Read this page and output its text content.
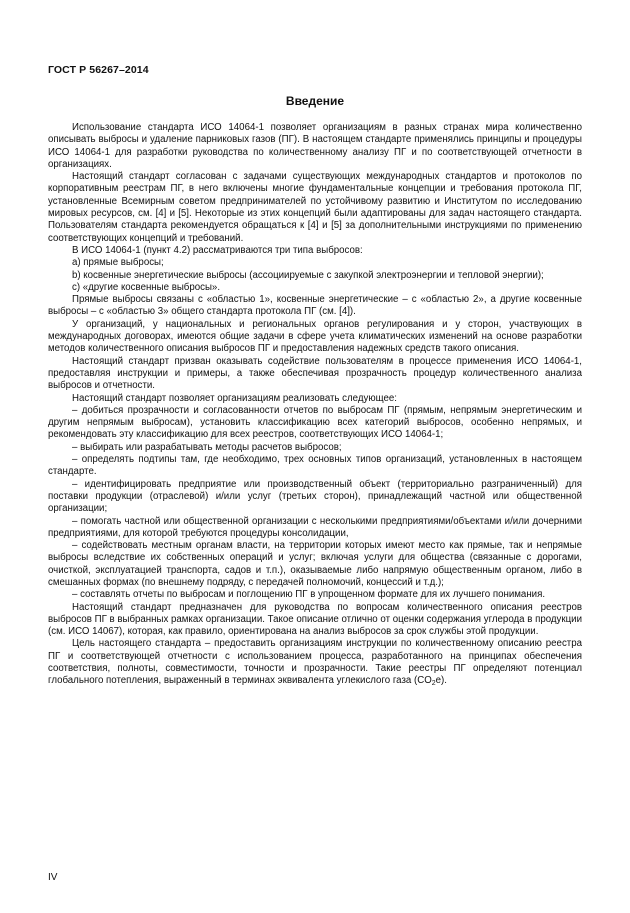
ГОСТ Р 56267–2014
Введение

Использование стандарта ИСО 14064-1 позволяет организациям в разных странах мира количественно описывать выбросы и удаление парниковых газов (ПГ). В настоящем стандарте применялись принципы и процедуры ИСО 14064-1 для разработки руководства по количественному анализу ПГ и по соответствующей отчетности в организациях.

Настоящий стандарт согласован с задачами существующих международных стандартов и протоколов по корпоративным реестрам ПГ, в него включены многие фундаментальные концепции и требования протокола ПГ, установленные Всемирным советом предпринимателей по устойчивому развитию и Институтом по исследованию мировых ресурсов, см. [4] и [5]. Некоторые из этих концепций были адаптированы для задач настоящего стандарта. Пользователям стандарта рекомендуется обращаться к [4] и [5] за дополнительными инструкциями по применению соответствующих концепций и требований.

В ИСО 14064-1 (пункт 4.2) рассматриваются три типа выбросов:

а) прямые выбросы;

b) косвенные энергетические выбросы (ассоциируемые с закупкой электроэнергии и тепловой энергии);

с) «другие косвенные выбросы».

Прямые выбросы связаны с «областью 1», косвенные энергетические – с «областью 2», а другие косвенные выбросы – с «областью 3» общего стандарта протокола ПГ (см. [4]).

У организаций, у национальных и региональных органов регулирования и у сторон, участвующих в международных договорах, имеются общие задачи в сфере учета климатических изменений на основе разработки методов количественного описания выбросов ПГ и предоставления надежных средств такого описания.

Настоящий стандарт призван оказывать содействие пользователям в процессе применения ИСО 14064-1, предоставляя инструкции и примеры, а также обеспечивая прозрачность процедур количественного анализа выбросов и отчетности.

Настоящий стандарт позволяет организациям реализовать следующее:

– добиться прозрачности и согласованности отчетов по выбросам ПГ (прямым, непрямым энергетическим и другим непрямым выбросам), установить классификацию всех категорий выбросов, особенно непрямых, и рекомендовать эту классификацию для всех реестров, соответствующих ИСО 14064-1;

– выбирать или разрабатывать методы расчетов выбросов;

– определять подтипы там, где необходимо, трех основных типов организаций, установленных в настоящем стандарте.

– идентифицировать предприятие или производственный объект (территориально разграниченный) для поставки продукции (отраслевой) и/или услуг (третьих сторон), принадлежащий частной или общественной организации;

– помогать частной или общественной организации с несколькими предприятиями/объектами и/или дочерними предприятиями, для которой требуются процедуры консолидации,

– содействовать местным органам власти, на территории которых имеют место как прямые, так и непрямые выбросы вследствие их собственных операций и услуг; включая услуги для общества (связанные с дорогами, очисткой, эксплуатацией транспорта, садов и т.п.), оказываемые либо напрямую общественным органом, либо в смешанных формах (по внешнему подряду, с передачей полномочий, концессий и т.д.);

– составлять отчеты по выбросам и поглощению ПГ в упрощенном формате для их лучшего понимания.

Настоящий стандарт предназначен для руководства по вопросам количественного описания реестров выбросов ПГ в выбранных рамках организации. Такое описание отлично от оценки содержания углерода в продукции (см. ИСО 14067), которая, как правило, ориентирована на анализ выбросов за срок службы этой продукции.

Цель настоящего стандарта – предоставить организациям инструкции по количественному описанию реестра ПГ и соответствующей отчетности с использованием процесса, разработанного на принципах обеспечения соответствия, полноты, совместимости, точности и прозрачности. Такие реестры ПГ определяют потенциал глобального потепления, выраженный в терминах эквивалента углекислого газа $(CO_2e)$.

IV
